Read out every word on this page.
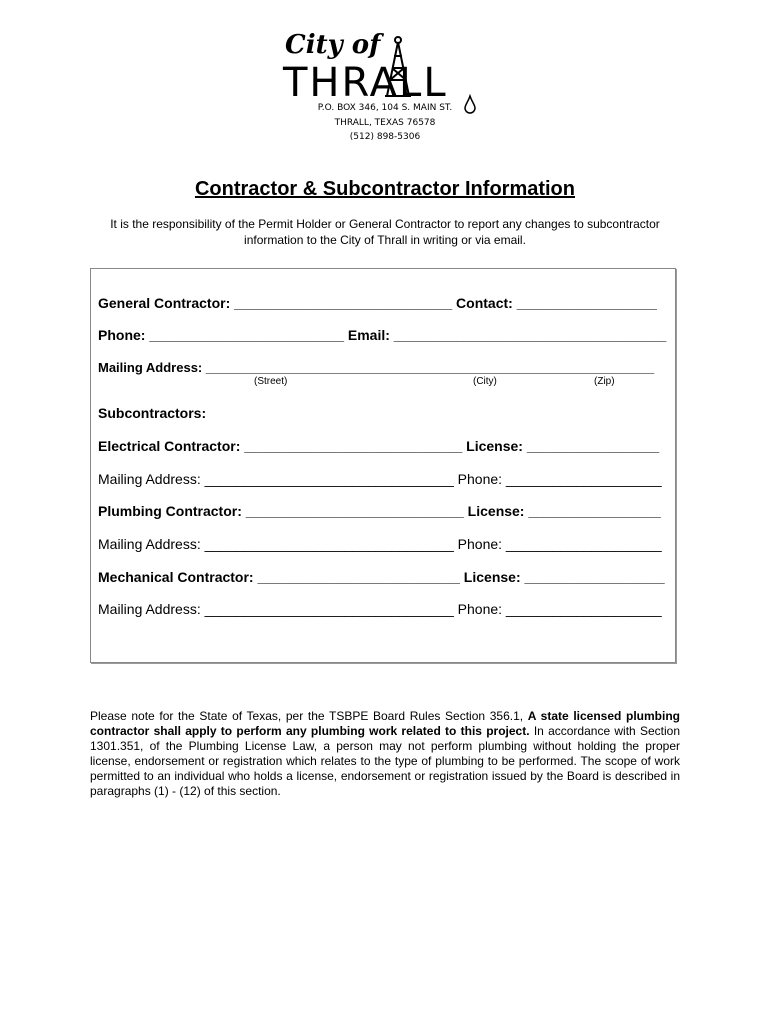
City of
THRALL
P.O. BOX 346, 104 S. MAIN ST.
THRALL, TEXAS 76578
(512) 898-5306
Contractor & Subcontractor Information
It is the responsibility of the Permit Holder or General Contractor to report any changes to subcontractor information to the City of Thrall in writing or via email.
General Contractor: ____________________________ Contact: __________________
Phone: _________________________ Email: ___________________________________
Mailing Address: ______________________________________________________________
(Street)	(City)	(Zip)
Subcontractors:
Electrical Contractor: ____________________________ License: _________________
Mailing Address: ________________________________ Phone: ____________________
Plumbing Contractor: ____________________________ License: _________________
Mailing Address: ________________________________ Phone: ____________________
Mechanical Contractor: __________________________ License: __________________
Mailing Address: ________________________________ Phone: ____________________
Please note for the State of Texas, per the TSBPE Board Rules Section 356.1, A state licensed plumbing contractor shall apply to perform any plumbing work related to this project. In accordance with Section 1301.351, of the Plumbing License Law, a person may not perform plumbing without holding the proper license, endorsement or registration which relates to the type of plumbing to be performed. The scope of work permitted to an individual who holds a license, endorsement or registration issued by the Board is described in paragraphs (1) - (12) of this section.
